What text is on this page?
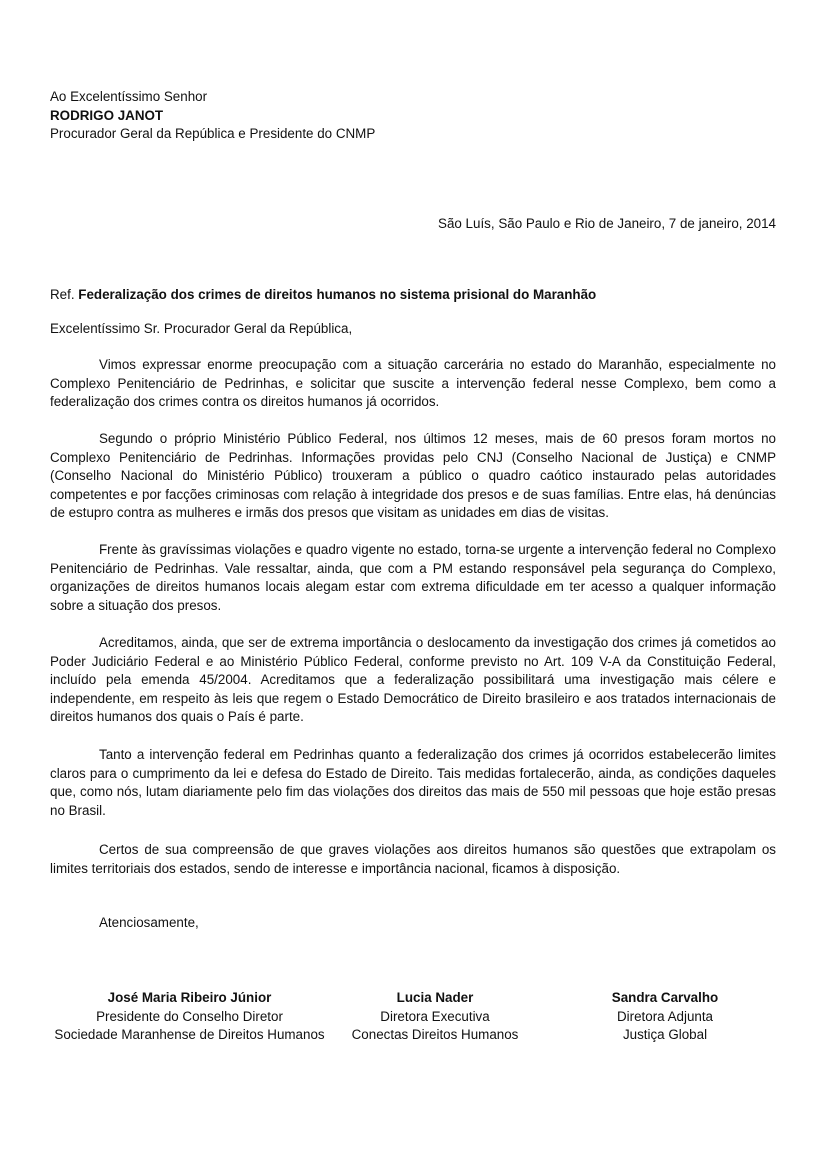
Ao Excelentíssimo Senhor
RODRIGO JANOT
Procurador Geral da República e Presidente do CNMP
São Luís, São Paulo e Rio de Janeiro, 7 de janeiro, 2014
Ref. Federalização dos crimes de direitos humanos no sistema prisional do Maranhão
Excelentíssimo Sr. Procurador Geral da República,

Vimos expressar enorme preocupação com a situação carcerária no estado do Maranhão, especialmente no Complexo Penitenciário de Pedrinhas, e solicitar que suscite a intervenção federal nesse Complexo, bem como a federalização dos crimes contra os direitos humanos já ocorridos.

Segundo o próprio Ministério Público Federal, nos últimos 12 meses, mais de 60 presos foram mortos no Complexo Penitenciário de Pedrinhas. Informações providas pelo CNJ (Conselho Nacional de Justiça) e CNMP (Conselho Nacional do Ministério Público) trouxeram a público o quadro caótico instaurado pelas autoridades competentes e por facções criminosas com relação à integridade dos presos e de suas famílias. Entre elas, há denúncias de estupro contra as mulheres e irmãs dos presos que visitam as unidades em dias de visitas.

Frente às gravíssimas violações e quadro vigente no estado, torna-se urgente a intervenção federal no Complexo Penitenciário de Pedrinhas. Vale ressaltar, ainda, que com a PM estando responsável pela segurança do Complexo, organizações de direitos humanos locais alegam estar com extrema dificuldade em ter acesso a qualquer informação sobre a situação dos presos.

Acreditamos, ainda, que ser de extrema importância o deslocamento da investigação dos crimes já cometidos ao Poder Judiciário Federal e ao Ministério Público Federal, conforme previsto no Art. 109 V-A da Constituição Federal, incluído pela emenda 45/2004. Acreditamos que a federalização possibilitará uma investigação mais célere e independente, em respeito às leis que regem o Estado Democrático de Direito brasileiro e aos tratados internacionais de direitos humanos dos quais o País é parte.

Tanto a intervenção federal em Pedrinhas quanto a federalização dos crimes já ocorridos estabelecerão limites claros para o cumprimento da lei e defesa do Estado de Direito. Tais medidas fortalecerão, ainda, as condições daqueles que, como nós, lutam diariamente pelo fim das violações dos direitos das mais de 550 mil pessoas que hoje estão presas no Brasil.

Certos de sua compreensão de que graves violações aos direitos humanos são questões que extrapolam os limites territoriais dos estados, sendo de interesse e importância nacional, ficamos à disposição.

Atenciosamente,
José Maria Ribeiro Júnior
Presidente do Conselho Diretor
Sociedade Maranhense de Direitos Humanos
Lucia Nader
Diretora Executiva
Conectas Direitos Humanos
Sandra Carvalho
Diretora Adjunta
Justiça Global
